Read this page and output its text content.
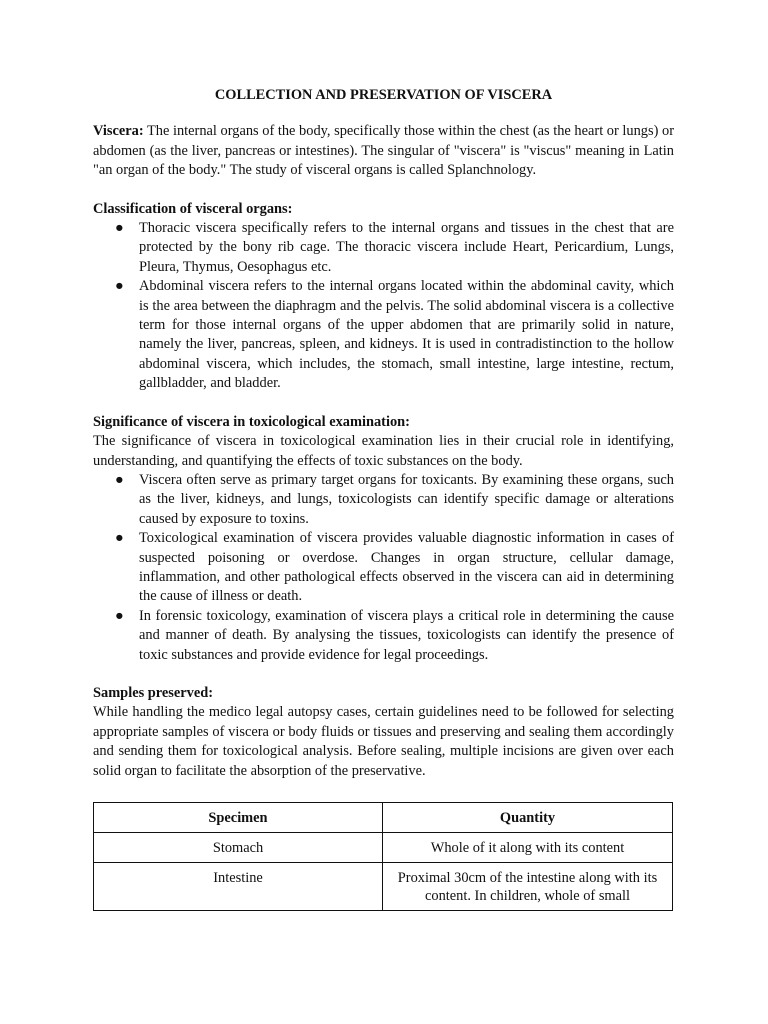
COLLECTION AND PRESERVATION OF VISCERA

Viscera: The internal organs of the body, specifically those within the chest (as the heart or lungs) or abdomen (as the liver, pancreas or intestines). The singular of "viscera" is "viscus" meaning in Latin "an organ of the body." The study of visceral organs is called Splanchnology.

Classification of visceral organs:
● Thoracic viscera specifically refers to the internal organs and tissues in the chest that are protected by the bony rib cage. The thoracic viscera include Heart, Pericardium, Lungs, Pleura, Thymus, Oesophagus etc.
● Abdominal viscera refers to the internal organs located within the abdominal cavity, which is the area between the diaphragm and the pelvis. The solid abdominal viscera is a collective term for those internal organs of the upper abdomen that are primarily solid in nature, namely the liver, pancreas, spleen, and kidneys. It is used in contradistinction to the hollow abdominal viscera, which includes, the stomach, small intestine, large intestine, rectum, gallbladder, and bladder.
Significance of viscera in toxicological examination:

The significance of viscera in toxicological examination lies in their crucial role in identifying, understanding, and quantifying the effects of toxic substances on the body.

● Viscera often serve as primary target organs for toxicants. By examining these organs, such as the liver, kidneys, and lungs, toxicologists can identify specific damage or alterations caused by exposure to toxins.
● Toxicological examination of viscera provides valuable diagnostic information in cases of suspected poisoning or overdose. Changes in organ structure, cellular damage, inflammation, and other pathological effects observed in the viscera can aid in determining the cause of illness or death.
● In forensic toxicology, examination of viscera plays a critical role in determining the cause and manner of death. By analysing the tissues, toxicologists can identify the presence of toxic substances and provide evidence for legal proceedings.
Samples preserved:

While handling the medico legal autopsy cases, certain guidelines need to be followed for selecting appropriate samples of viscera or body fluids or tissues and preserving and sealing them accordingly and sending them for toxicological analysis. Before sealing, multiple incisions are given over each solid organ to facilitate the absorption of the preservative.

Specimen	Quantity
Stomach	Whole of it along with its content
Intestine	Proximal 30cm of the intestine along with its content. In children, whole of small
